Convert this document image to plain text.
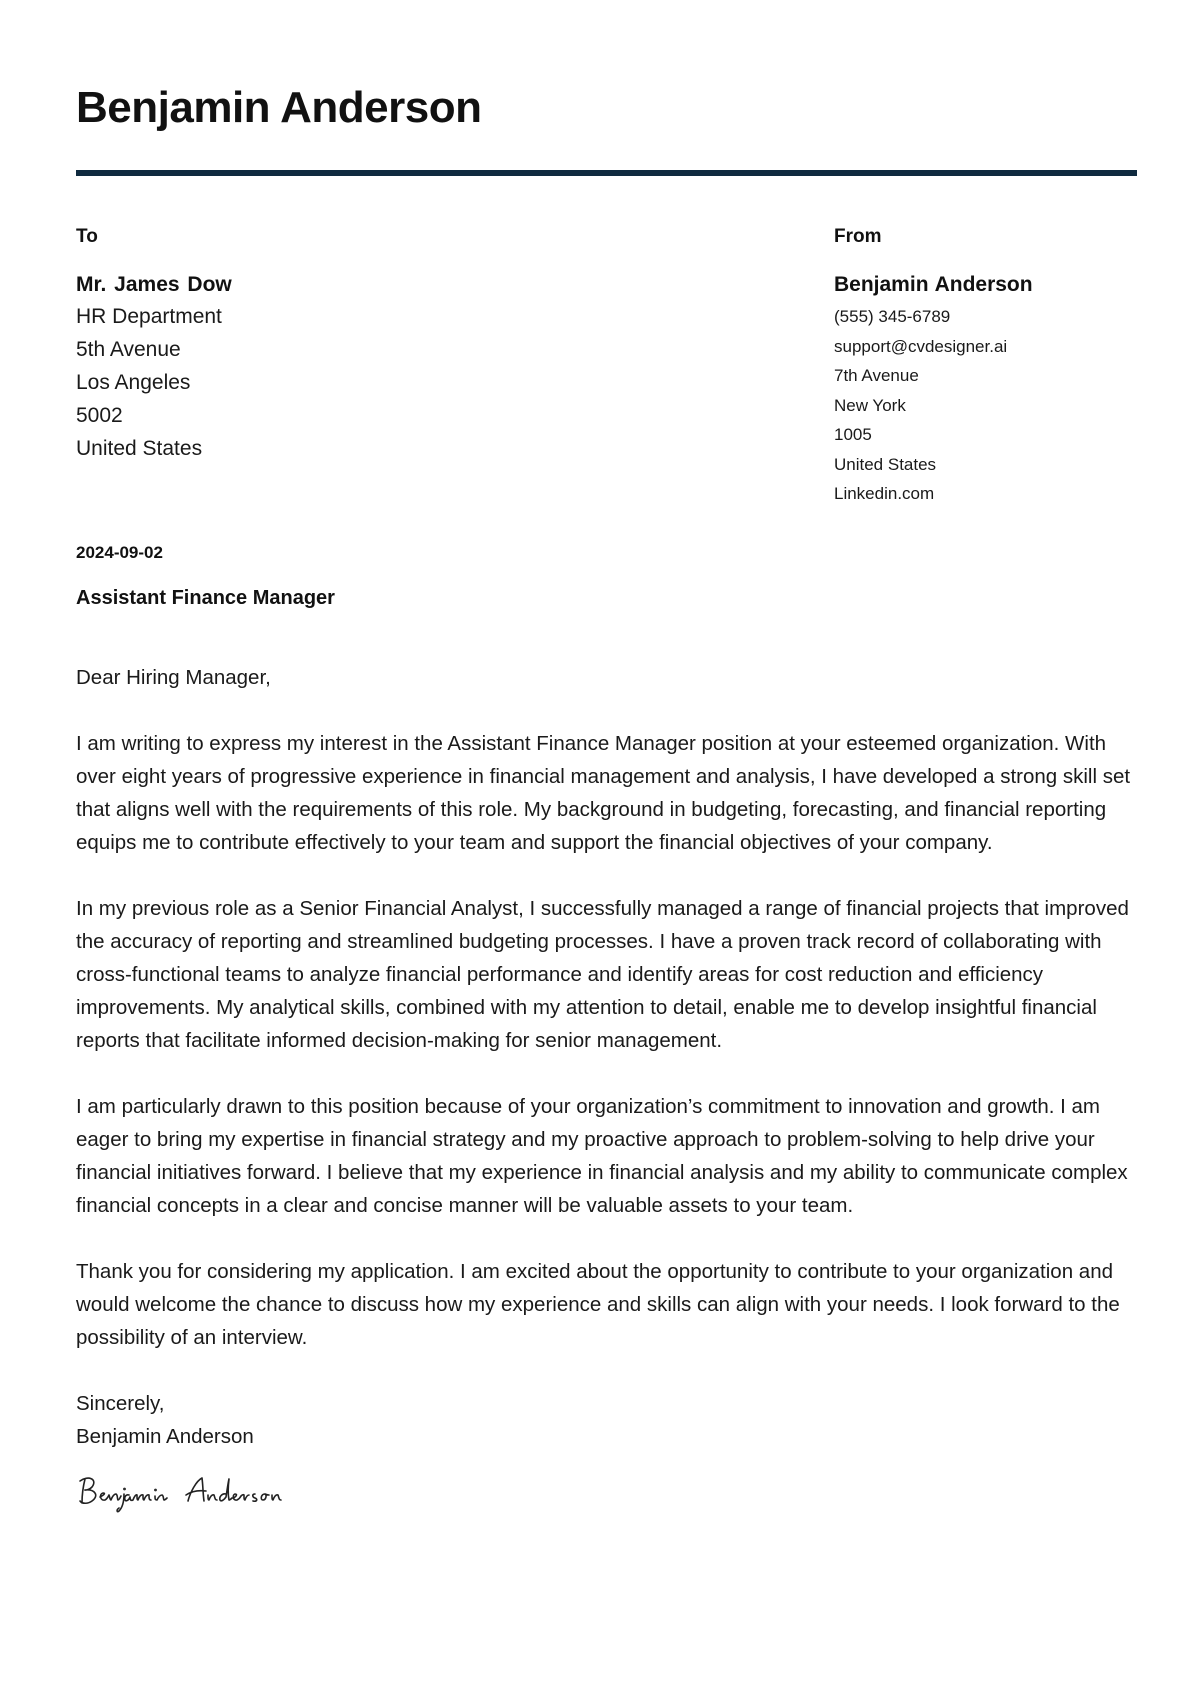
Benjamin Anderson
To
Mr. James Dow
HR Department
5th Avenue
Los Angeles
5002
United States
From
Benjamin Anderson
(555) 345-6789
support@cvdesigner.ai
7th Avenue
New York
1005
United States
Linkedin.com
2024-09-02
Assistant Finance Manager

Dear Hiring Manager,

I am writing to express my interest in the Assistant Finance Manager position at your esteemed organization. With over eight years of progressive experience in financial management and analysis, I have developed a strong skill set that aligns well with the requirements of this role. My background in budgeting, forecasting, and financial reporting equips me to contribute effectively to your team and support the financial objectives of your company.

In my previous role as a Senior Financial Analyst, I successfully managed a range of financial projects that improved the accuracy of reporting and streamlined budgeting processes. I have a proven track record of collaborating with cross-functional teams to analyze financial performance and identify areas for cost reduction and efficiency improvements. My analytical skills, combined with my attention to detail, enable me to develop insightful financial reports that facilitate informed decision-making for senior management.

I am particularly drawn to this position because of your organization’s commitment to innovation and growth. I am eager to bring my expertise in financial strategy and my proactive approach to problem-solving to help drive your financial initiatives forward. I believe that my experience in financial analysis and my ability to communicate complex financial concepts in a clear and concise manner will be valuable assets to your team.

Thank you for considering my application. I am excited about the opportunity to contribute to your organization and would welcome the chance to discuss how my experience and skills can align with your needs. I look forward to the possibility of an interview.

Sincerely,

Benjamin Anderson
